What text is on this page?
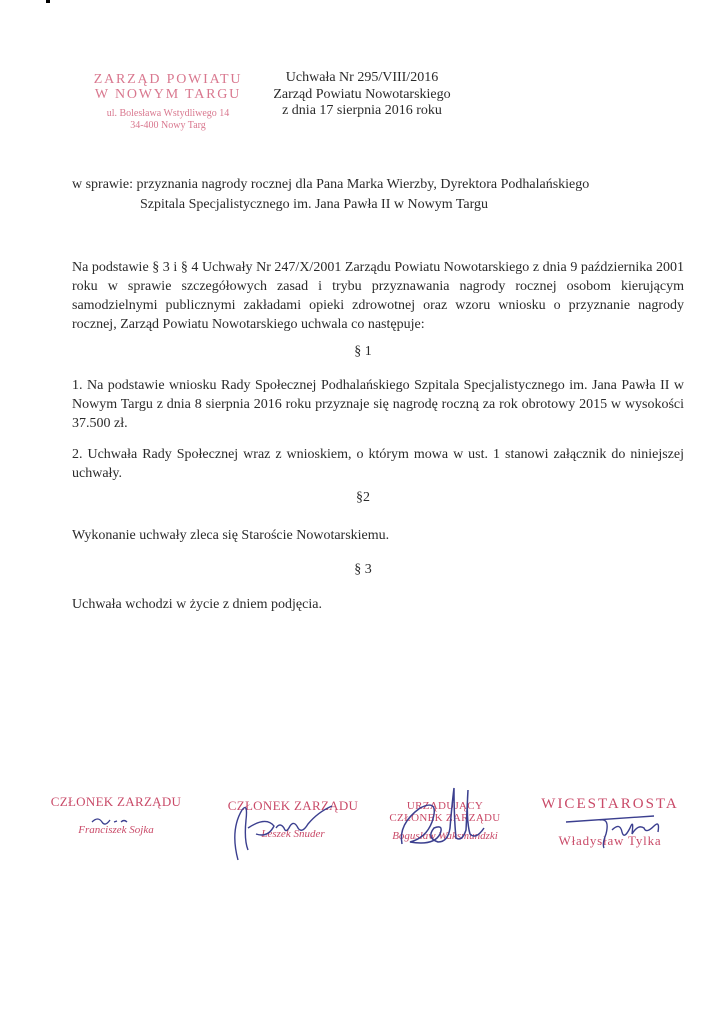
ZARZĄD POWIATU
W NOWYM TARGU
ul. Bolesława Wstydliwego 14
34-400 Nowy Targ
Uchwała Nr 295/VIII/2016
Zarząd Powiatu Nowotarskiego
z dnia 17 sierpnia 2016 roku
w sprawie: przyznania nagrody rocznej dla Pana Marka Wierzby, Dyrektora Podhalańskiego
Szpitala Specjalistycznego im. Jana Pawła II w Nowym Targu
Na podstawie § 3 i § 4 Uchwały Nr 247/X/2001 Zarządu Powiatu Nowotarskiego z dnia 9 października 2001 roku w sprawie szczegółowych zasad i trybu przyznawania nagrody rocznej osobom kierującym samodzielnymi publicznymi zakładami opieki zdrowotnej oraz wzoru wniosku o przyznanie nagrody rocznej, Zarząd Powiatu Nowotarskiego uchwala co następuje:
§ 1
1. Na podstawie wniosku Rady Społecznej Podhalańskiego Szpitala Specjalistycznego im. Jana Pawła II w Nowym Targu z dnia 8 sierpnia 2016 roku przyznaje się nagrodę roczną za rok obrotowy 2015 w wysokości 37.500 zł.
2. Uchwała Rady Społecznej wraz z wnioskiem, o którym mowa w ust. 1 stanowi załącznik do niniejszej uchwały.
§2
Wykonanie uchwały zleca się Staroście Nowotarskiemu.
§ 3
Uchwała wchodzi w życie z dniem podjęcia.
CZŁONEK ZARZĄDU
Franciszek Sojka
CZŁONEK ZARZĄDU
Leszek Snuder
URZĄDUJĄCY CZŁONEK ZARZĄDU
Bogusław Waksmundzki
WICESTAROSTA
Władysław Tylka
